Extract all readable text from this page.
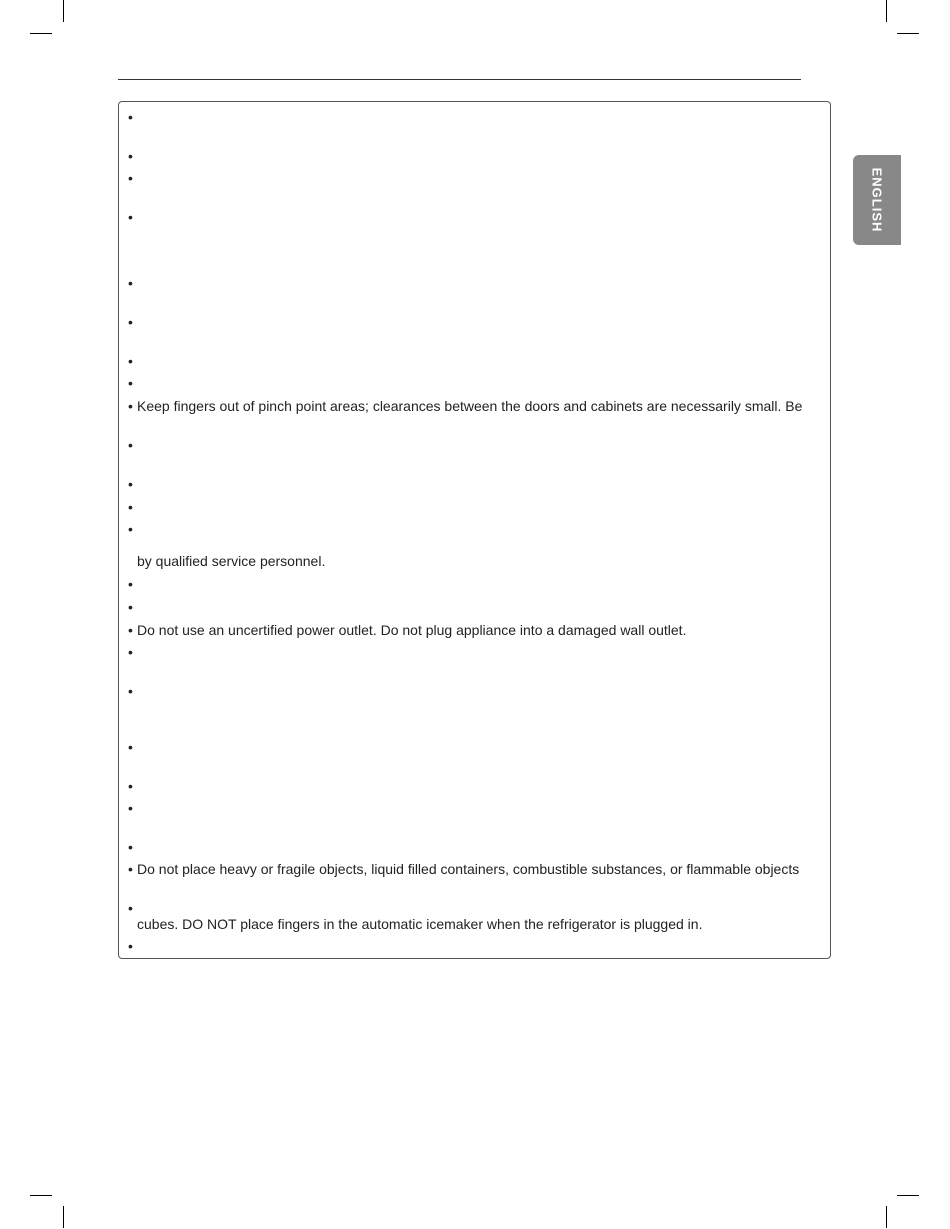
ENGLISH
•
•
•
•
•
•
•
•
• Keep fingers out of pinch point areas; clearances between the doors and cabinets are necessarily small. Be
•
•
•
•
by qualified service personnel.
•
•
• Do not use an uncertified power outlet. Do not plug appliance into a damaged wall outlet.
•
•
•
•
•
•
• Do not place heavy or fragile objects, liquid filled containers, combustible substances, or flammable objects
•
cubes. DO NOT place fingers in the automatic icemaker when the refrigerator is plugged in.
•
